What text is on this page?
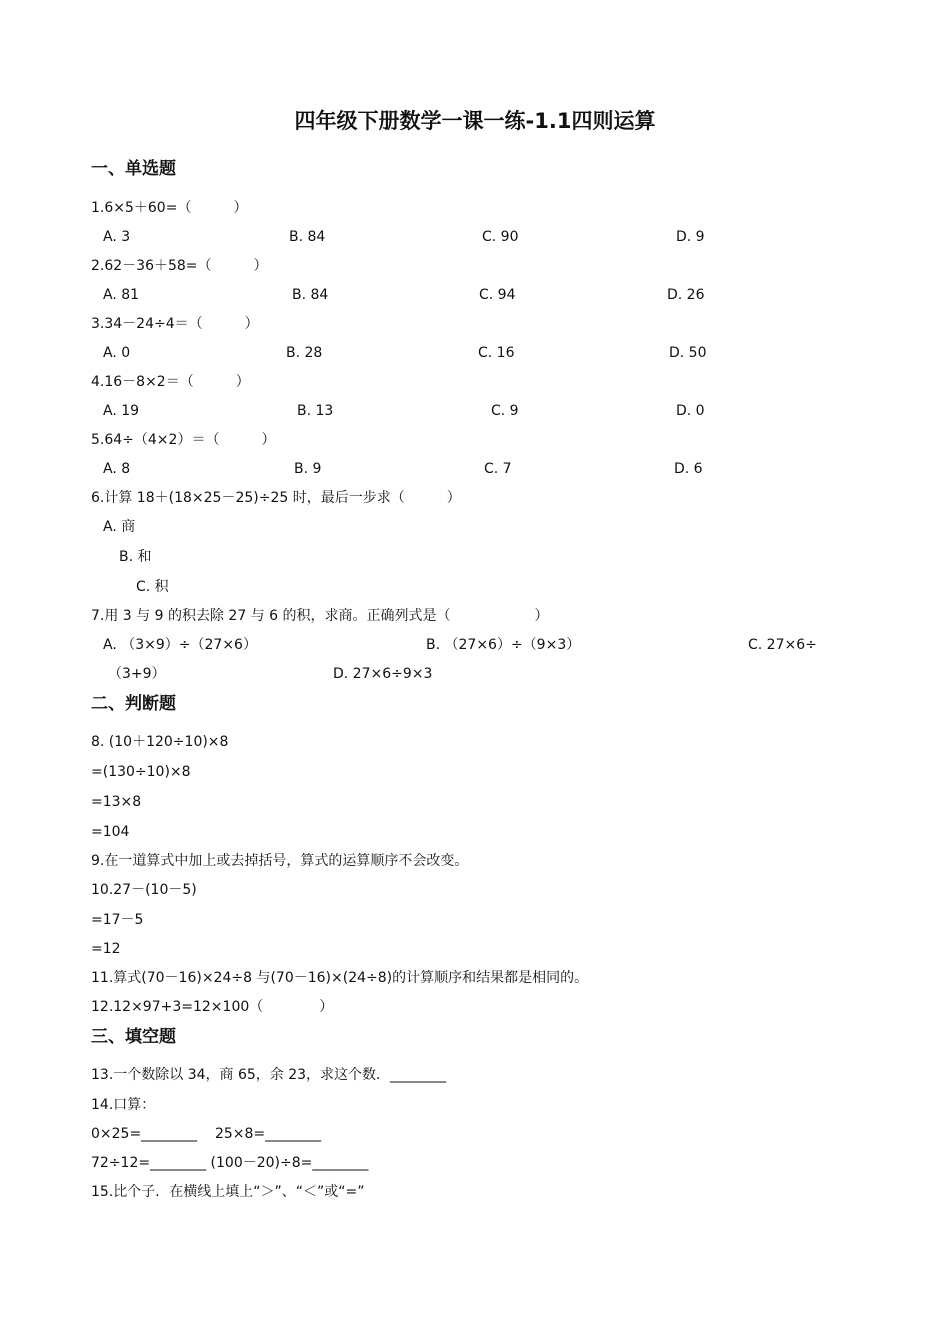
四年级下册数学一课一练-1.1四则运算
一、单选题
1.6×5＋60=（　　　）
A. 3	B. 84	C. 90	D. 9
2.62－36＋58=（　　　）
A. 81	B. 84	C. 94	D. 26
3.34－24÷4＝（　　　）
A. 0	B. 28	C. 16	D. 50
4.16－8×2＝（　　　）
A. 19	B. 13	C. 9	D. 0
5.64÷（4×2）＝（　　　）
A. 8	B. 9	C. 7	D. 6
6.计算 18＋(18×25－25)÷25 时，最后一步求（　　　）
A. 商
B. 和
C. 积
7.用 3 与 9 的积去除 27 与 6 的积，求商。正确列式是（　　　　　　）
A. （3×9）÷（27×6）	B. （27×6）÷（9×3）	C. 27×6÷
（3+9）	D. 27×6÷9×3
二、判断题
8. (10＋120÷10)×8
=(130÷10)×8
=13×8
=104
9.在一道算式中加上或去掉括号，算式的运算顺序不会改变。
10.27－(10－5)
=17－5
=12
11.算式(70－16)×24÷8 与(70－16)×(24÷8)的计算顺序和结果都是相同的。
12.12×97+3=12×100（　　　　）
三、填空题
13.一个数除以 34，商 65，余 23，求这个数．________
14.口算：
0×25=________    25×8=________
72÷12=________ (100－20)÷8=________
15.比个子．在横线上填上“＞”、“＜”或“=”
